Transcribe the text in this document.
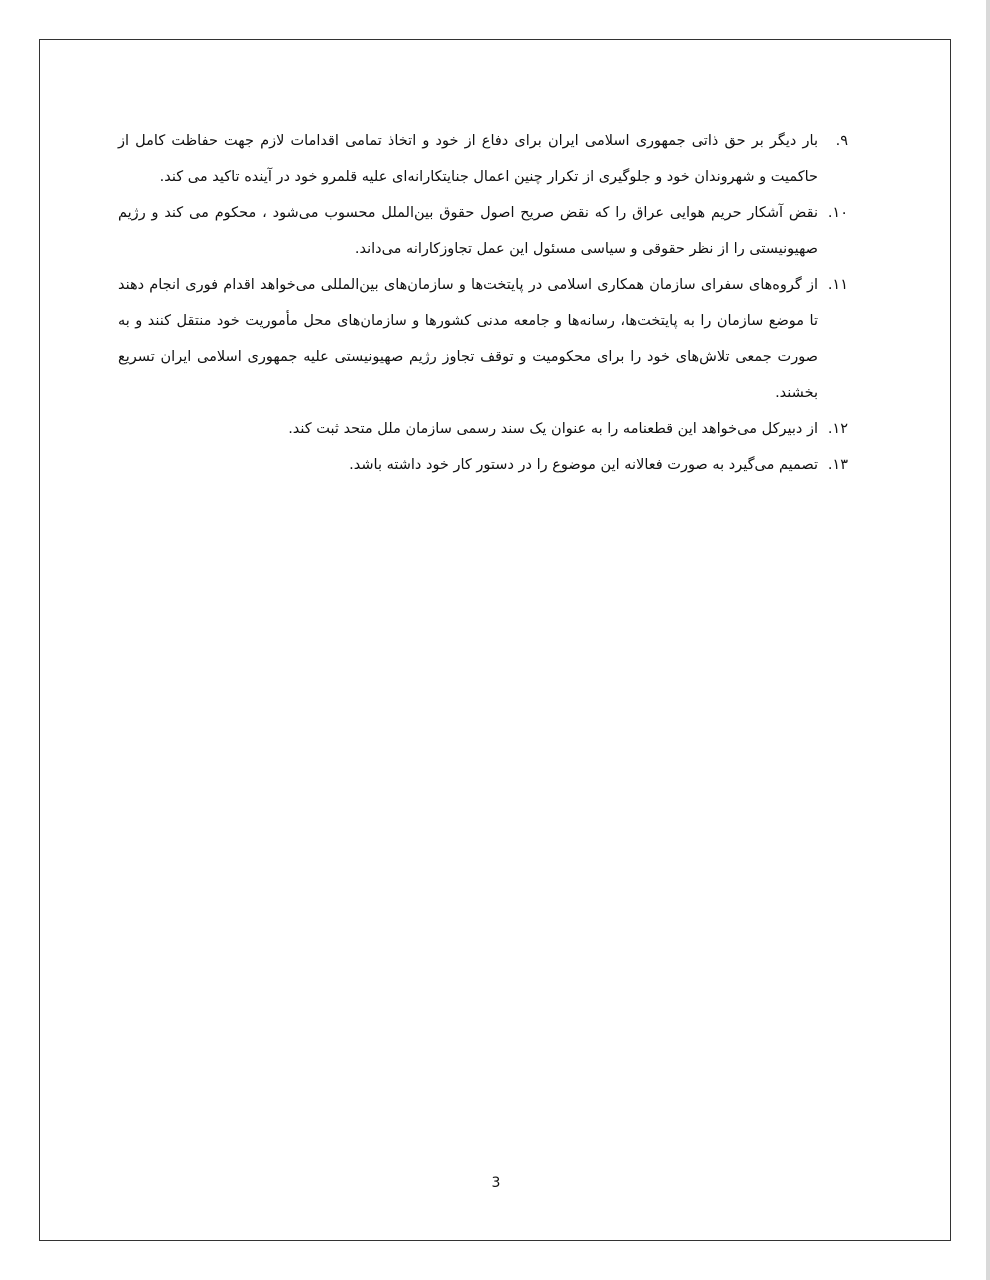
۹.
بار دیگر بر حق ذاتی جمهوری اسلامی ایران برای دفاع از خود و اتخاذ تمامی اقدامات لازم جهت حفاظت کامل از حاکمیت و شهروندان خود و جلوگیری از تکرار چنین اعمال جنایتکارانه‌ای علیه قلمرو خود در آینده تاکید می کند.
۱۰.
نقض آشکار حریم هوایی عراق را که نقض صریح اصول حقوق بین‌الملل محسوب می‌شود ، محکوم می کند و رژیم صهیونیستی را از نظر حقوقی و سیاسی مسئول این عمل تجاوزکارانه می‌داند.
۱۱.
از گروه‌های سفرای سازمان همکاری اسلامی در پایتخت‌ها و سازمان‌های بین‌المللی می‌خواهد اقدام فوری انجام دهند تا موضع سازمان را به پایتخت‌ها، رسانه‌ها و جامعه مدنی کشورها و سازمان‌های محل مأموریت خود منتقل کنند و به صورت جمعی تلاش‌های خود را برای محکومیت و توقف تجاوز رژیم صهیونیستی علیه جمهوری اسلامی ایران تسریع بخشند.
۱۲.
از دبیرکل می‌خواهد این قطعنامه را به عنوان یک سند رسمی سازمان ملل متحد ثبت کند.
۱۳.
تصمیم می‌گیرد به صورت فعالانه این موضوع را در دستور کار خود داشته باشد.
3
